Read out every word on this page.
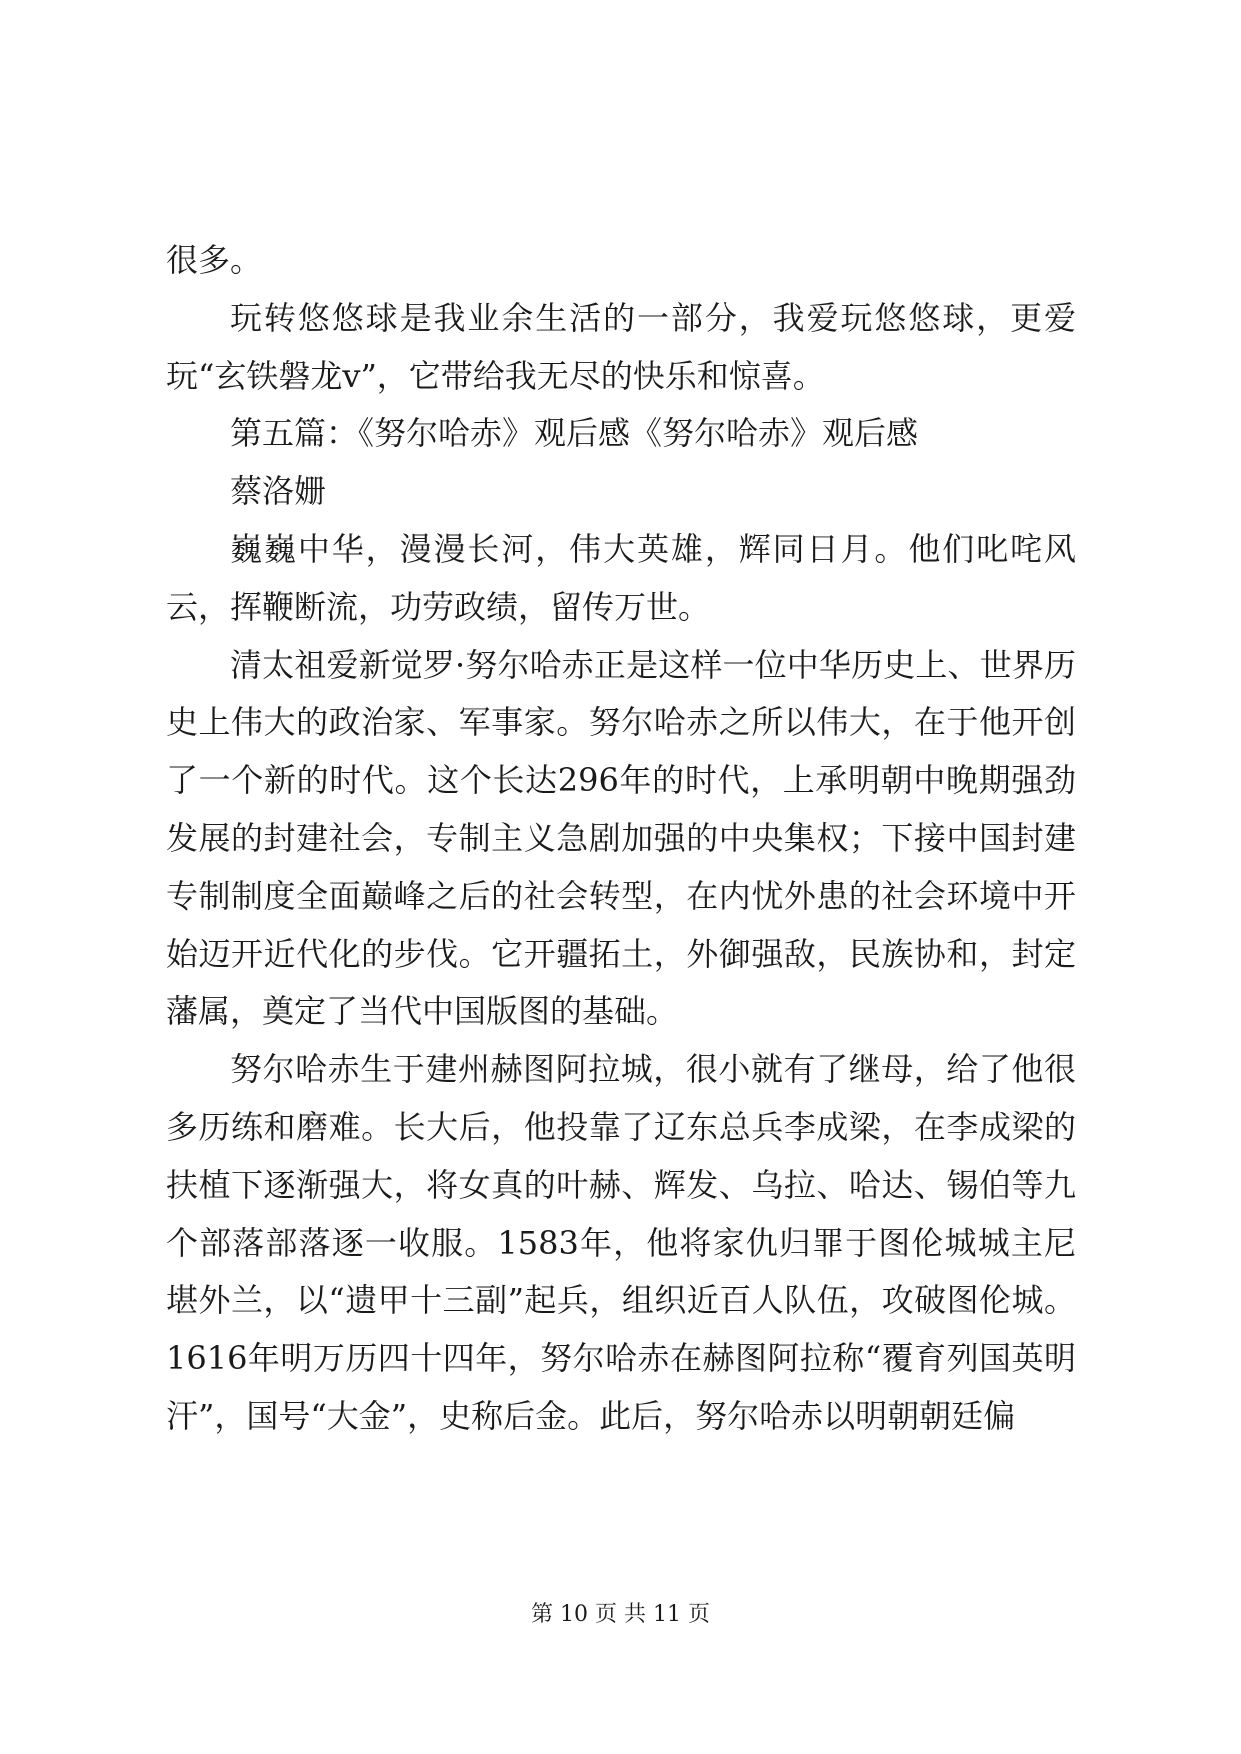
很多。

玩转悠悠球是我业余生活的一部分，我爱玩悠悠球，更爱玩“玄铁磐龙v”，它带给我无尽的快乐和惊喜。

第五篇：《努尔哈赤》观后感《努尔哈赤》观后感

蔡洛姗

巍巍中华，漫漫长河，伟大英雄，辉同日月。他们叱咤风云，挥鞭断流，功劳政绩，留传万世。

清太祖爱新觉罗·努尔哈赤正是这样一位中华历史上、世界历史上伟大的政治家、军事家。努尔哈赤之所以伟大，在于他开创了一个新的时代。这个长达296年的时代，上承明朝中晚期强劲发展的封建社会，专制主义急剧加强的中央集权；下接中国封建专制制度全面巅峰之后的社会转型，在内忧外患的社会环境中开始迈开近代化的步伐。它开疆拓土，外御强敌，民族协和，封定藩属，奠定了当代中国版图的基础。

努尔哈赤生于建州赫图阿拉城，很小就有了继母，给了他很多历练和磨难。长大后，他投靠了辽东总兵李成梁，在李成梁的扶植下逐渐强大，将女真的叶赫、辉发、乌拉、哈达、锡伯等九个部落部落逐一收服。1583年，他将家仇归罪于图伦城城主尼堪外兰，以“遗甲十三副”起兵，组织近百人队伍，攻破图伦城。1616年明万历四十四年，努尔哈赤在赫图阿拉称“覆育列国英明汗”，国号“大金”，史称后金。此后，努尔哈赤以明朝朝廷偏

第 10 页 共 11 页
